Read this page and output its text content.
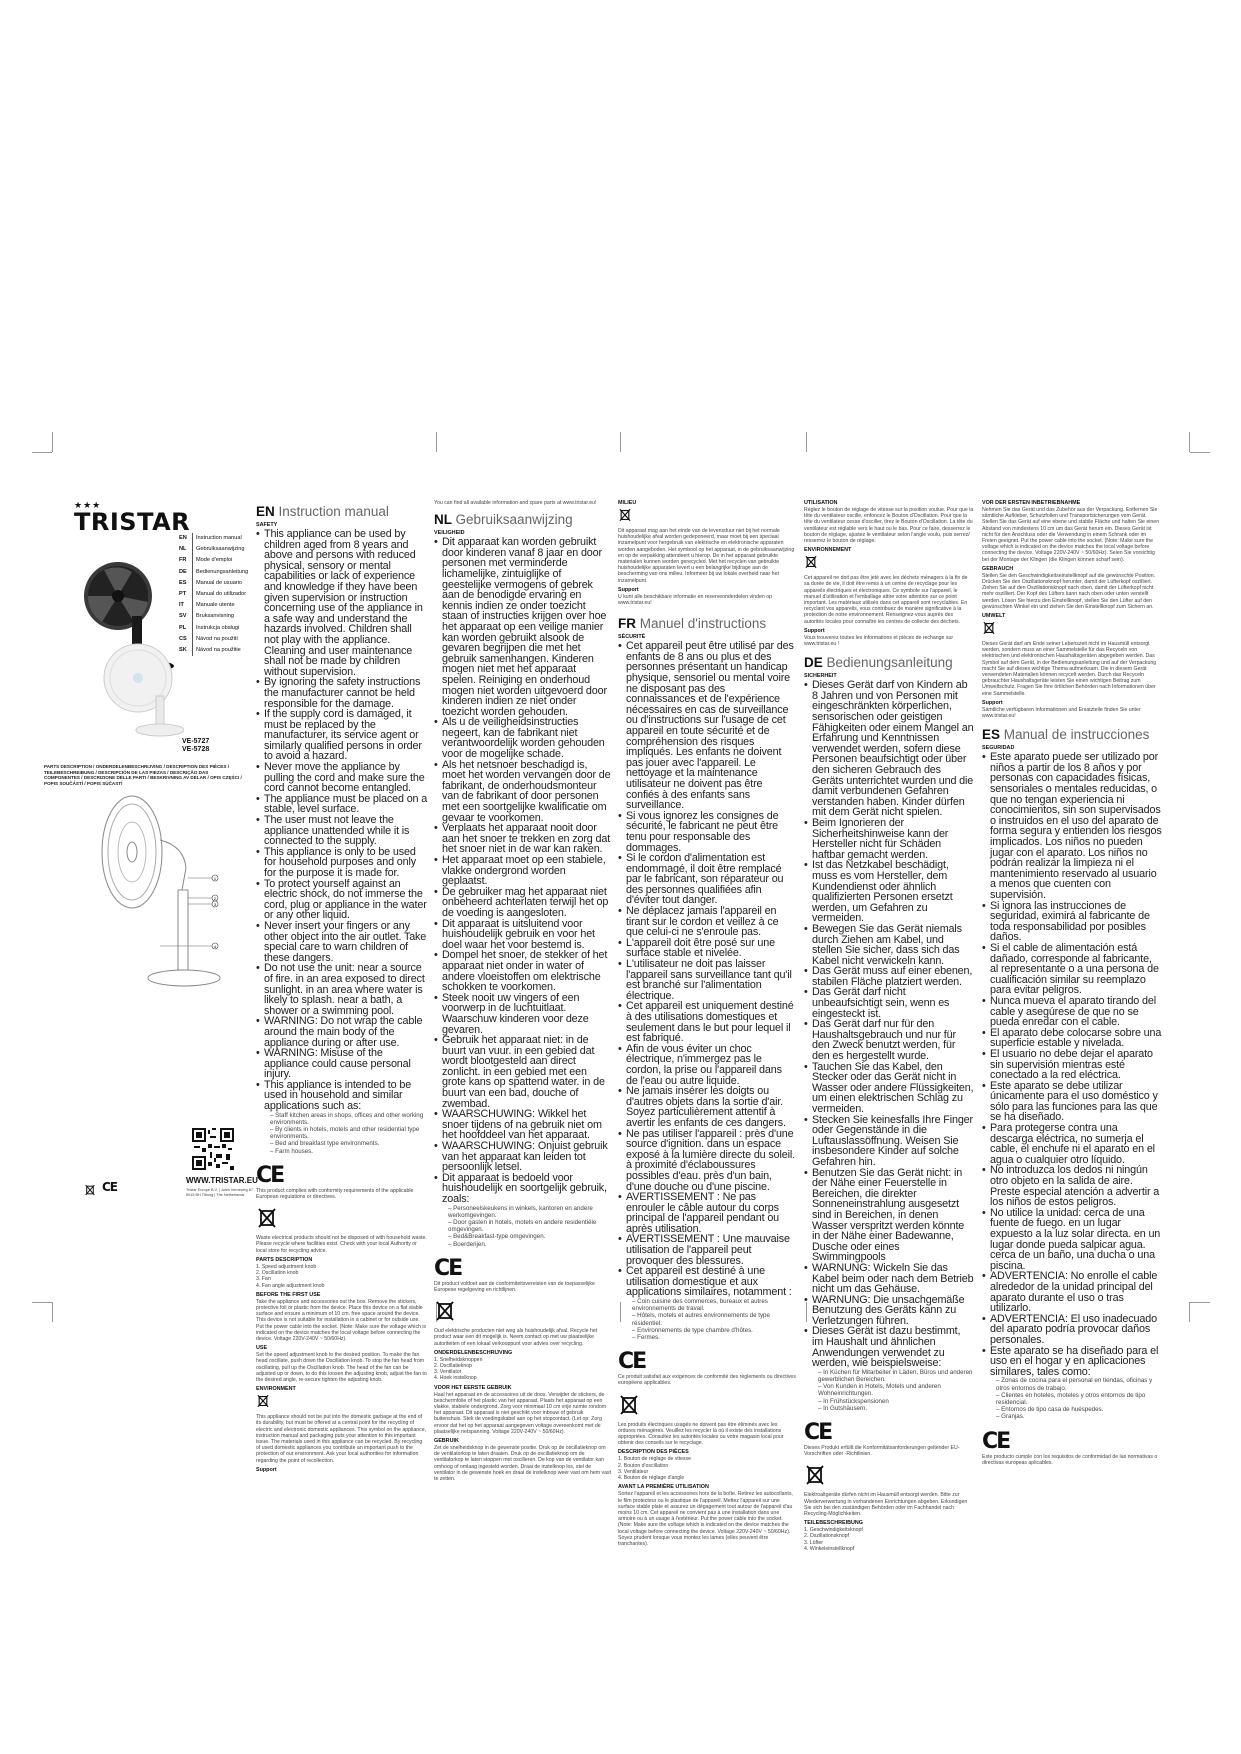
★★★
TRISTAR
EN Instruction manual
NL Gebruiksaanwijzing
FR Mode d'emploi
DE Bedienungsanleitung
ES Manual de usuario
PT Manual do utilizador
IT Manuale utente
SV Bruksanvisning
PL Instrukcja obsługi
CS Návod na použití
SK Návod na použitie
VE-5727
VE-5728
PARTS DESCRIPTION / ONDERDELENBESCHRIJVING / DESCRIPTION DES PIÈCES / TEILEBESCHREIBUNG / DESCRIPCIÓN DE LAS PIEZAS / DESCRIÇÃO DAS COMPONENTES / DESCRIZIONE DELLE PARTI / BESKRIVNING AV DELAR / OPIS CZĘŚCI / POPIS SOUČÁSTÍ / POPIS SÚČASTÍ
1
2
3
4
WWW.TRISTAR.EU
Tristar Europe B.V. | Jules Verneweg 87
5015 BH Tilburg | The Netherlands
CE
EN Instruction manual
SAFETY
• This appliance can be used by children aged from 8 years and above and persons with reduced physical, sensory or mental capabilities or lack of experience and knowledge if they have been given supervision or instruction concerning use of the appliance in a safe way and understand the hazards involved. Children shall not play with the appliance. Cleaning and user maintenance shall not be made by children without supervision.
• By ignoring the safety instructions the manufacturer cannot be held responsible for the damage.
• If the supply cord is damaged, it must be replaced by the manufacturer, its service agent or similarly qualified persons in order to avoid a hazard.
• Never move the appliance by pulling the cord and make sure the cord cannot become entangled.
• The appliance must be placed on a stable, level surface.
• The user must not leave the appliance unattended while it is connected to the supply.
• This appliance is only to be used for household purposes and only for the purpose it is made for.
• To protect yourself against an electric shock, do not immerse the cord, plug or appliance in the water or any other liquid.
• Never insert your fingers or any other object into the air outlet. Take special care to warn children of these dangers.
• Do not use the unit: near a source of fire. in an area exposed to direct sunlight. in an area where water is likely to splash. near a bath, a shower or a swimming pool.
• WARNING: Do not wrap the cable around the main body of the appliance during or after use.
• WARNING: Misuse of the appliance could cause personal injury.
• This appliance is intended to be used in household and similar applications such as:
– Staff kitchen areas in shops, offices and other working environments.
– By clients in hotels, motels and other residential type environments.
– Bed and breakfast type environments.
– Farm houses.
CE
This product complies with conformity requirements of the applicable European regulations or directives.
Waste electrical products should not be disposed of with household waste. Please recycle where facilities exist. Check with your local Authority or local store for recycling advice.
PARTS DESCRIPTION
1. Speed adjustment knob
2. Oscillation knob
3. Fan
4. Fan angle adjustment knob
BEFORE THE FIRST USE
Take the appliance and accessories out the box. Remove the stickers, protective foil or plastic from the device. Place this device on a flat stable surface and ensure a minimum of 10 cm. free space around the device. This device is not suitable for installation in a cabinet or for outside use. Put the power cable into the socket. (Note: Make sure the voltage which is indicated on the device matches the local voltage before connecting the device. Voltage 220V-240V ~ 50/60Hz).
USE
Set the speed adjustment knob to the desired position. To make the fan head oscillate, push down the Oscillation knob. To stop the fan head from oscillating, pull up the Oscillation knob. The head of the fan can be adjusted up or down, to do this loosen the adjusting knob, adjust the fan to the desired angle, re-secure tighten the adjusting knob.
ENVIRONMENT
This appliance should not be put into the domestic garbage at the end of its durability, but must be offered at a central point for the recycling of electric and electronic domestic appliances. This symbol on the appliance, instruction manual and packaging puts your attention to this important issue. The materials used in this appliance can be recycled. By recycling of used domestic appliances you contribute an important push to the protection of our environment. Ask your local authorities for information regarding the point of recollection.
Support
You can find all available information and spare parts at www.tristar.eu!
NL Gebruiksaanwijzing
VEILIGHEID
• Dit apparaat kan worden gebruikt door kinderen vanaf 8 jaar en door personen met verminderde lichamelijke, zintuiglijke of geestelijke vermogens of gebrek aan de benodigde ervaring en kennis indien ze onder toezicht staan of instructies krijgen over hoe het apparaat op een veilige manier kan worden gebruikt alsook de gevaren begrijpen die met het gebruik samenhangen. Kinderen mogen niet met het apparaat spelen. Reiniging en onderhoud mogen niet worden uitgevoerd door kinderen indien ze niet onder toezicht worden gehouden.
• Als u de veiligheidsinstructies negeert, kan de fabrikant niet verantwoordelijk worden gehouden voor de mogelijke schade.
• Als het netsnoer beschadigd is, moet het worden vervangen door de fabrikant, de onderhoudsmonteur van de fabrikant of door personen met een soortgelijke kwalificatie om gevaar te voorkomen.
• Verplaats het apparaat nooit door aan het snoer te trekken en zorg dat het snoer niet in de war kan raken.
• Het apparaat moet op een stabiele, vlakke ondergrond worden geplaatst.
• De gebruiker mag het apparaat niet onbeheerd achterlaten terwijl het op de voeding is aangesloten.
• Dit apparaat is uitsluitend voor huishoudelijk gebruik en voor het doel waar het voor bestemd is.
• Dompel het snoer, de stekker of het apparaat niet onder in water of andere vloeistoffen om elektrische schokken te voorkomen.
• Steek nooit uw vingers of een voorwerp in de luchtuitlaat. Waarschuw kinderen voor deze gevaren.
• Gebruik het apparaat niet: in de buurt van vuur. in een gebied dat wordt blootgesteld aan direct zonlicht. in een gebied met een grote kans op spattend water. in de buurt van een bad, douche of zwembad.
• WAARSCHUWING: Wikkel het snoer tijdens of na gebruik niet om het hoofddeel van het apparaat.
• WAARSCHUWING: Onjuist gebruik van het apparaat kan leiden tot persoonlijk letsel.
• Dit apparaat is bedoeld voor huishoudelijk en soortgelijk gebruik, zoals:
– Personeelskeukens in winkels, kantoren en andere werkomgevingen.
– Door gasten in hotels, motels en andere residentiële omgevingen.
– Bed&Breakfast-type omgevingen.
– Boerderijen.
CE
Dit product voldoet aan de conformiteitsvereisten van de toepasselijke Europese regelgeving en richtlijnen.
Oud elektrische producten niet weg als huishoudelijk afval. Recycle het product waar een dit mogelijk is. Neem contact op met uw plaatselijke autoriteiten of een lokaal verkooppunt voor advies over recycling.
ONDERDELENBESCHRIJVING
1. Snelheidsknoppen
2. Oscillatieknop
3. Ventilator
4. Hoek instelknop
VOOR HET EERSTE GEBRUIK
Haal het apparaat en de accessoires uit de doos. Verwijder de stickers, de beschermfolie of het plastic van het apparaat. Plaats het apparaat op een vlakke, stabiele ondergrond. Zorg voor minimaal 10 cm vrije ruimte rondom het apparaat. Dit apparaat is niet geschikt voor inbouw of gebruik buitenshuis. Stek de voedingskabel aan op het stopcontact. (Let op: Zorg ervoor dat het op het apparaat aangegeven voltage overeenkomt met de plaatselijke netspanning. Voltage 220V-240V ~ 50/60Hz).
GEBRUIK
Zet de snelheidsknop in de gewenste positie. Druk op de oscillatieknop om de ventilatorkop te laten draaien. Druk op de oscillatieknop om de ventilatorkop te laten stoppen met oscilleren. De kop van de ventilator kan omhoog of omlaag ingesteld worden. Draai de instelknop los, stel de ventilator in de gewenste hoek en draai de instelknop weer vast om hem vast te zetten.
MILIEU
Dit apparaat mag aan het einde van de levensduur niet bij het normale huishoudelijke afval worden gedeponeerd, maar moet bij een speciaal inzamelpunt voor hergebruik van elektrische en elektronische apparaten worden aangeboden. Het symbool op het apparaat, in de gebruiksaanwijzing en op de verpakking attendeert u hierop. De in het apparaat gebruikte materialen kunnen worden gerecycled. Met het recyclen van gebruikte huishoudelijke apparaten levert u een belangrijke bijdrage aan de bescherming van ons milieu. Informeer bij uw lokale overheid naar het inzamelpunt.
Support
U kunt alle beschikbare informatie en reserveonderdelen vinden op www.tristar.eu!
FR Manuel d'instructions
SÉCURITÉ
• Cet appareil peut être utilisé par des enfants de 8 ans ou plus et des personnes présentant un handicap physique, sensoriel ou mental voire ne disposant pas des connaissances et de l'expérience nécessaires en cas de surveillance ou d'instructions sur l'usage de cet appareil en toute sécurité et de compréhension des risques impliqués. Les enfants ne doivent pas jouer avec l'appareil. Le nettoyage et la maintenance utilisateur ne doivent pas être confiés à des enfants sans surveillance.
• Si vous ignorez les consignes de sécurité, le fabricant ne peut être tenu pour responsable des dommages.
• Si le cordon d'alimentation est endommagé, il doit être remplacé par le fabricant, son réparateur ou des personnes qualifiées afin d'éviter tout danger.
• Ne déplacez jamais l'appareil en tirant sur le cordon et veillez à ce que celui-ci ne s'enroule pas.
• L'appareil doit être posé sur une surface stable et nivelée.
• L'utilisateur ne doit pas laisser l'appareil sans surveillance tant qu'il est branché sur l'alimentation électrique.
• Cet appareil est uniquement destiné à des utilisations domestiques et seulement dans le but pour lequel il est fabriqué.
• Afin de vous éviter un choc électrique, n'immergez pas le cordon, la prise ou l'appareil dans de l'eau ou autre liquide.
• Ne jamais insérer les doigts ou d'autres objets dans la sortie d'air. Soyez particulièrement attentif à avertir les enfants de ces dangers.
• Ne pas utiliser l'appareil : près d'une source d'ignition. dans un espace exposé à la lumière directe du soleil. à proximité d'éclaboussures possibles d'eau. près d'un bain, d'une douche ou d'une piscine.
• AVERTISSEMENT : Ne pas enrouler le câble autour du corps principal de l'appareil pendant ou après utilisation.
• AVERTISSEMENT : Une mauvaise utilisation de l'appareil peut provoquer des blessures.
• Cet appareil est destiné à une utilisation domestique et aux applications similaires, notamment :
– Coin cuisine des commerces, bureaux et autres environnements de travail.
– Hôtels, motels et autres environnements de type résidentiel.
– Environnements de type chambre d'hôtes.
– Fermes.
CE
Ce produit satisfait aux exigences de conformité des règlements ou directives européens applicables.
Les produits électriques usagés ne doivent pas être éliminés avec les ordures ménagères. Veuillez les recycler là où il existe des installations appropriées. Consultez les autorités locales ou votre magasin local pour obtenir des conseils sur le recyclage.
DESCRIPTION DES PIÈCES
1. Bouton de réglage de vitesse
2. Bouton d'oscillation
3. Ventilateur
4. Bouton de réglage d'angle
AVANT LA PREMIÈRE UTILISATION
Sortez l'appareil et les accessoires hors de la boîte. Retirez les autocollants, le film protecteur ou le plastique de l'appareil. Mettez l'appareil sur une surface stable plate et assurez un dégagement tout autour de l'appareil d'au moins 10 cm. Cet appareil ne convient pas à une installation dans une armoire ou à un usage à l'extérieur. Put the power cable into the socket. (Note: Make sure the voltage which is indicated on the device matches the local voltage before connecting the device. Voltage 220V-240V ~ 50/60Hz). Soyez prudent lorsque vous montez les lames (elles peuvent être tranchantes).
UTILISATION
Réglez le bouton de réglage de vitesse sur la position voulue. Pour que la tête du ventilateur oscille, enfoncez le Bouton d'Oscillation. Pour que la tête du ventilateur cesse d'osciller, tirez le Bouton d'Oscillation. La tête du ventilateur est réglable vers le haut ou le bas. Pour ce faire, desserrez le bouton de réglage, ajustez le ventilateur selon l'angle voulu, puis serrez/ resserrez le bouton de réglage.
ENVIRONNEMENT
Cet appareil ne doit pas être jeté avec les déchets ménagers à la fin de sa durée de vie, il doit être remis à un centre de recyclage pour les appareils électriques et électroniques. Ce symbole sur l'appareil, le manuel d'utilisation et l'emballage attire votre attention sur ce point important. Les matériaux utilisés dans cet appareil sont recyclables. En recyclant vos appareils, vous contribuez de manière significative à la protection de notre environnement. Renseignez-vous auprès des autorités locales pour connaître les centres de collecte des déchets.
Support
Vous trouverez toutes les informations et pièces de rechange sur www.tristar.eu !
DE Bedienungsanleitung
SICHERHEIT
• Dieses Gerät darf von Kindern ab 8 Jahren und von Personen mit eingeschränkten körperlichen, sensorischen oder geistigen Fähigkeiten oder einem Mangel an Erfahrung und Kenntnissen verwendet werden, sofern diese Personen beaufsichtigt oder über den sicheren Gebrauch des Geräts unterrichtet wurden und die damit verbundenen Gefahren verstanden haben. Kinder dürfen mit dem Gerät nicht spielen.
• Beim Ignorieren der Sicherheitshinweise kann der Hersteller nicht für Schäden haftbar gemacht werden.
• Ist das Netzkabel beschädigt, muss es vom Hersteller, dem Kundendienst oder ähnlich qualifizierten Personen ersetzt werden, um Gefahren zu vermeiden.
• Bewegen Sie das Gerät niemals durch Ziehen am Kabel, und stellen Sie sicher, dass sich das Kabel nicht verwickeln kann.
• Das Gerät muss auf einer ebenen, stabilen Fläche platziert werden.
• Das Gerät darf nicht unbeaufsichtigt sein, wenn es eingesteckt ist.
• Das Gerät darf nur für den Haushaltsgebrauch und nur für den Zweck benutzt werden, für den es hergestellt wurde.
• Tauchen Sie das Kabel, den Stecker oder das Gerät nicht in Wasser oder andere Flüssigkeiten, um einen elektrischen Schlag zu vermeiden.
• Stecken Sie keinesfalls Ihre Finger oder Gegenstände in die Luftauslassöffnung. Weisen Sie insbesondere Kinder auf solche Gefahren hin.
• Benutzen Sie das Gerät nicht: in der Nähe einer Feuerstelle in Bereichen, die direkter Sonneneinstrahlung ausgesetzt sind in Bereichen, in denen Wasser verspritzt werden könnte in der Nähe einer Badewanne, Dusche oder eines Swimmingpools
• WARNUNG: Wickeln Sie das Kabel beim oder nach dem Betrieb nicht um das Gehäuse.
• WARNUNG: Die unsachgemäße Benutzung des Geräts kann zu Verletzungen führen.
• Dieses Gerät ist dazu bestimmt, im Haushalt und ähnlichen Anwendungen verwendet zu werden, wie beispielsweise:
– In Küchen für Mitarbeiter in Läden, Büros und anderen gewerblichen Bereichen.
– Von Kunden in Hotels, Motels und anderen Wohneinrichtungen.
– In Frühstückspensionen
– In Gutshäusern.
CE
Dieses Produkt erfüllt die Konformitätsanforderungen geltender EU-Vorschriften oder -Richtlinien.
Elektroaltgeräte dürfen nicht im Hausmüll entsorgt werden. Bitte zur Wiederverwertung in vorhandenen Einrichtungen abgeben. Erkundigen Sie sich bei den zuständigen Behörden oder im Fachhandel nach Recycling-Möglichkeiten.
TEILEBESCHREIBUNG
1. Geschwindigkeitsknopf
2. Oszillationsknopf
3. Lüfter
4. Winkeleinstellknopf
VOR DER ERSTEN INBETRIEBNAHME
Nehmen Sie das Gerät und das Zubehör aus der Verpackung. Entfernen Sie sämtliche Aufkleber, Schutzfolien und Transportsicherungen vom Gerät. Stellen Sie das Gerät auf eine ebene und stabile Fläche und halten Sie einen Abstand von mindestens 10 cm um das Gerät herum ein. Dieses Gerät ist nicht für den Anschluss oder die Verwendung in einem Schrank oder im Freien geeignet. Put the power cable into the socket. (Note: Make sure the voltage which is indicated on the device matches the local voltage before connecting the device. Voltage 220V-240V ~ 50/60Hz). Seien Sie vorsichtig bei der Montage der Klingen (die Klingen können scharf sein).
GEBRAUCH
Stellen Sie den Geschwindigkeitseinstellknopf auf die gewünschte Position. Drücken Sie den Oszillationsknopf herunter, damit der Lüfterkopf oszilliert. Ziehen Sie auf den Oszillationsknopf nach oben, damit der Lüfterkopf nicht mehr oszilliert. Der Kopf des Lüfters kann nach oben oder unten verstellt werden. Lösen Sie hierzu den Einstellknopf, stellen Sie den Lüfter auf den gewünschten Winkel ein und ziehen Sie den Einstellknopf zum Sichern an.
UMWELT
Dieses Gerät darf am Ende seiner Lebenszeit nicht im Hausmüll entsorgt werden, sondern muss an einer Sammelstelle für das Recyceln von elektrischen und elektronischen Haushaltsgeräten abgegeben werden. Das Symbol auf dem Gerät, in der Bedienungsanleitung und auf der Verpackung macht Sie auf dieses wichtige Thema aufmerksam. Die in diesem Gerät verwendeten Materialien können recycelt werden. Durch das Recyceln gebrauchter Haushaltsgeräte leisten Sie einen wichtigen Beitrag zum Umweltschutz. Fragen Sie Ihre örtlichen Behörden nach Informationen über eine Sammelstelle.
Support
Sämtliche verfügbaren Informationen und Ersatzteile finden Sie unter www.tristar.eu!
ES Manual de instrucciones
SEGURIDAD
• Este aparato puede ser utilizado por niños a partir de los 8 años y por personas con capacidades físicas, sensoriales o mentales reducidas, o que no tengan experiencia ni conocimientos, sin son supervisados o instruidos en el uso del aparato de forma segura y entienden los riesgos implicados. Los niños no pueden jugar con el aparato. Los niños no podrán realizar la limpieza ni el mantenimiento reservado al usuario a menos que cuenten con supervisión.
• Si ignora las instrucciones de seguridad, eximirá al fabricante de toda responsabilidad por posibles daños.
• Si el cable de alimentación está dañado, corresponde al fabricante, al representante o a una persona de cualificación similar su reemplazo para evitar peligros.
• Nunca mueva el aparato tirando del cable y asegúrese de que no se pueda enredar con el cable.
• El aparato debe colocarse sobre una superficie estable y nivelada.
• El usuario no debe dejar el aparato sin supervisión mientras esté conectado a la red eléctrica.
• Este aparato se debe utilizar únicamente para el uso doméstico y sólo para las funciones para las que se ha diseñado.
• Para protegerse contra una descarga eléctrica, no sumerja el cable, el enchufe ni el aparato en el agua o cualquier otro líquido.
• No introduzca los dedos ni ningún otro objeto en la salida de aire. Preste especial atención a advertir a los niños de estos peligros.
• No utilice la unidad: cerca de una fuente de fuego. en un lugar expuesto a la luz solar directa. en un lugar donde pueda salpicar agua. cerca de un baño, una ducha o una piscina.
• ADVERTENCIA: No enrolle el cable alrededor de la unidad principal del aparato durante el uso o tras utilizarlo.
• ADVERTENCIA: El uso inadecuado del aparato podría provocar daños personales.
• Este aparato se ha diseñado para el uso en el hogar y en aplicaciones similares, tales como:
– Zonas de cocina para el personal en tiendas, oficinas y otros entornos de trabajo.
– Clientes en hoteles, moteles y otros entornos de tipo residencial.
– Entornos de tipo casa de huéspedes.
– Granjas.
CE
Este producto cumple con los requisitos de conformidad de las normativas o directivas europeas aplicables.
